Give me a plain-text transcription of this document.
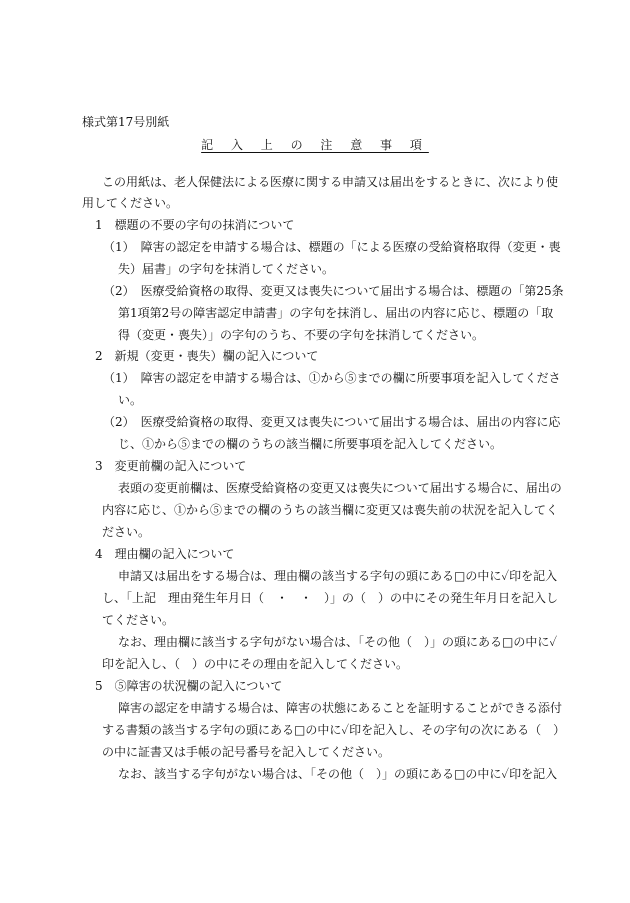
様式第17号別紙
記 入 上 の 注 意 事 項
この用紙は、老人保健法による医療に関する申請又は届出をするときに、次により使
用してください。
1　標題の不要の字句の抹消について
（1）　障害の認定を申請する場合は、標題の「による医療の受給資格取得（変更・喪
失）届書」の字句を抹消してください。
（2）　医療受給資格の取得、変更又は喪失について届出する場合は、標題の「第25条
第1項第2号の障害認定申請書」の字句を抹消し、届出の内容に応じ、標題の「取
得（変更・喪失）」の字句のうち、不要の字句を抹消してください。
2　新規（変更・喪失）欄の記入について
（1）　障害の認定を申請する場合は、①から⑤までの欄に所要事項を記入してくださ
い。
（2）　医療受給資格の取得、変更又は喪失について届出する場合は、届出の内容に応
じ、①から⑤までの欄のうちの該当欄に所要事項を記入してください。
3　変更前欄の記入について
表頭の変更前欄は、医療受給資格の変更又は喪失について届出する場合に、届出の
内容に応じ、①から⑤までの欄のうちの該当欄に変更又は喪失前の状況を記入してく
ださい。
4　理由欄の記入について
申請又は届出をする場合は、理由欄の該当する字句の頭にある□の中に✓印を記入
し、「上記　理由発生年月日（　・　・　）」の（　）の中にその発生年月日を記入し
てください。
なお、理由欄に該当する字句がない場合は、「その他（　）」の頭にある□の中に✓
印を記入し、（　）の中にその理由を記入してください。
5　⑤障害の状況欄の記入について
障害の認定を申請する場合は、障害の状態にあることを証明することができる添付
する書類の該当する字句の頭にある□の中に✓印を記入し、その字句の次にある（　）
の中に証書又は手帳の記号番号を記入してください。
なお、該当する字句がない場合は、「その他（　）」の頭にある□の中に✓印を記入
